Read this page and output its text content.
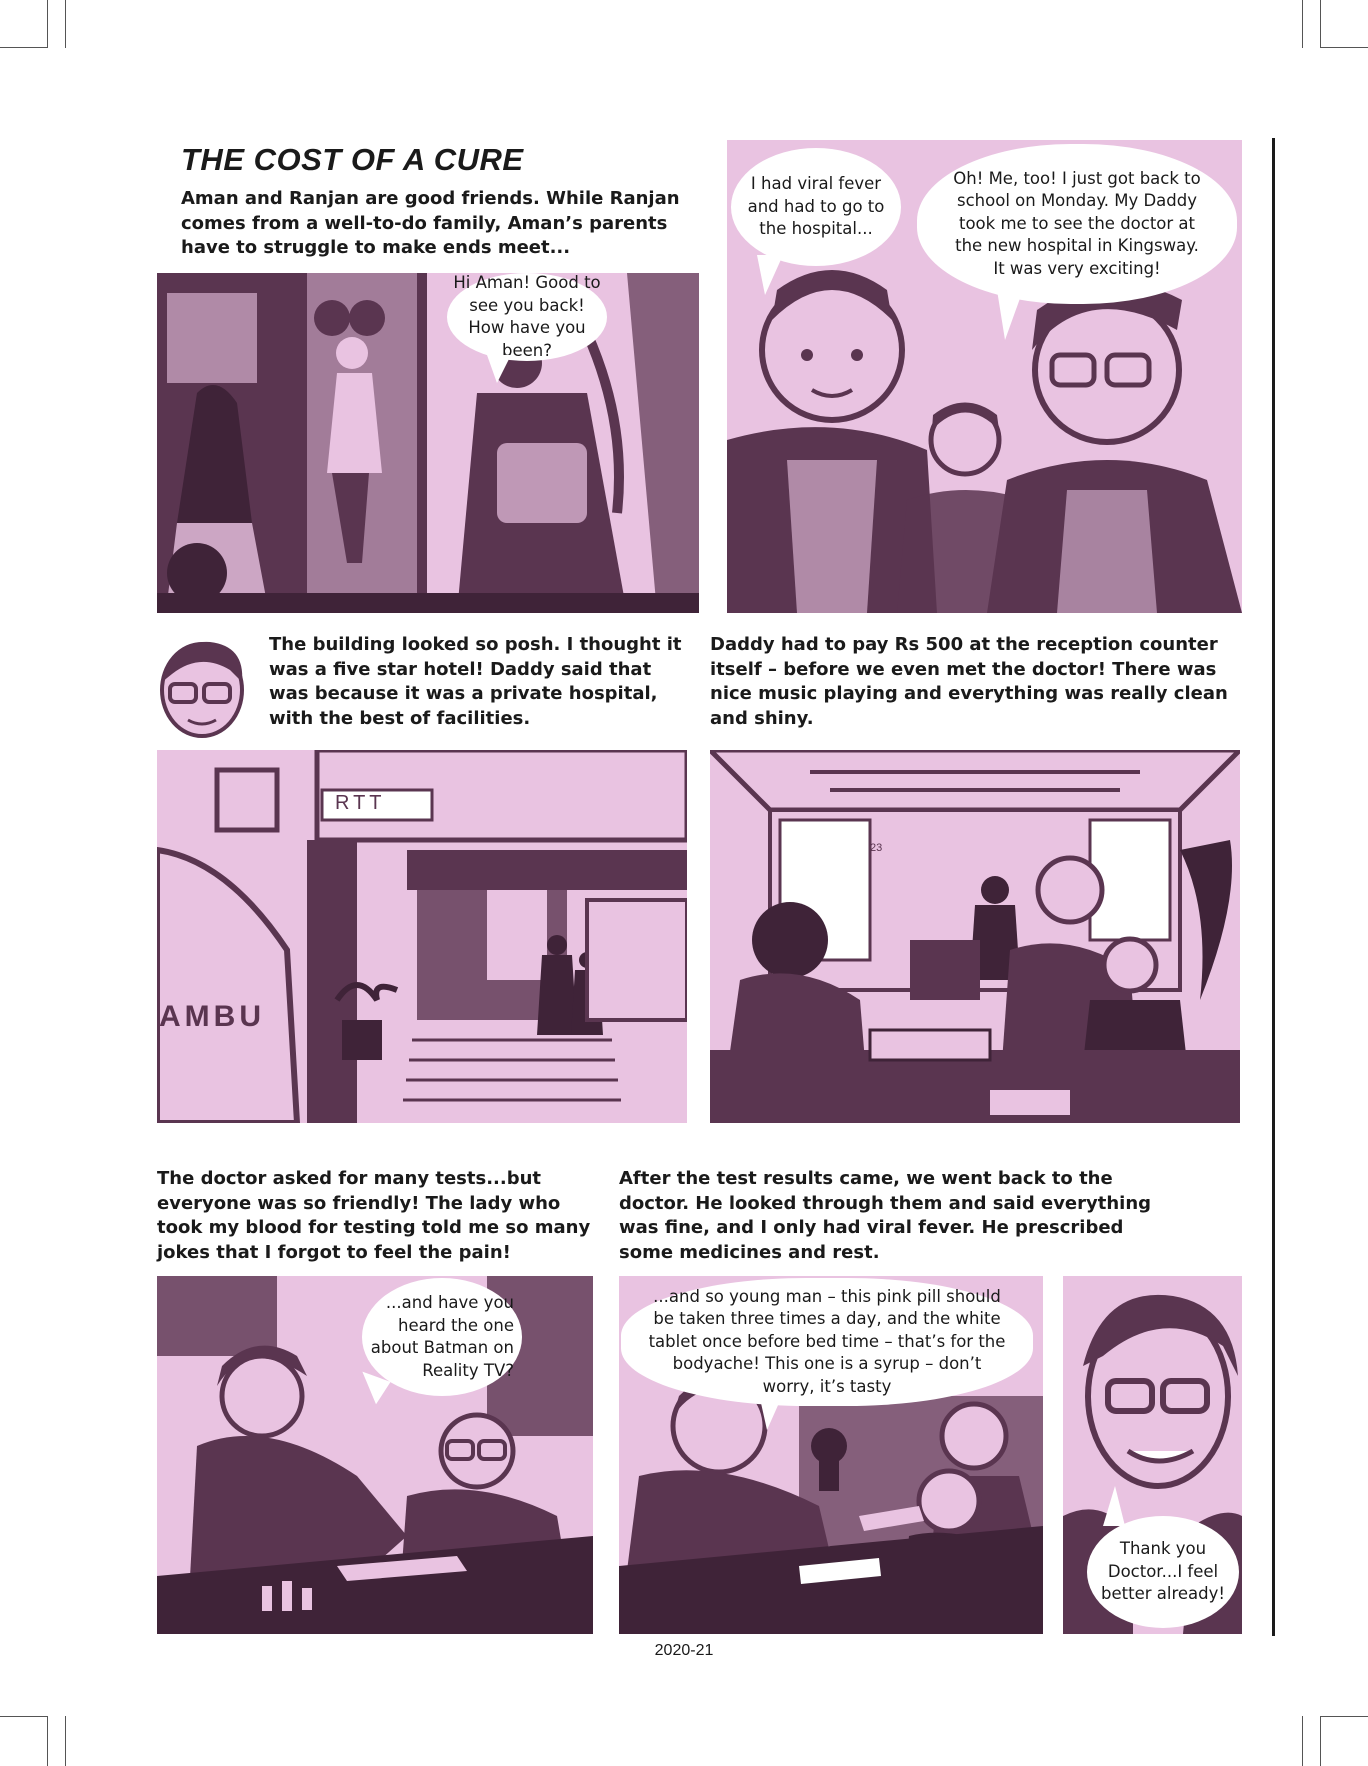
THE COST OF A CURE
Aman and Ranjan are good friends. While Ranjan comes from a well-to-do family, Aman’s parents have to struggle to make ends meet...
Hi Aman! Good to see you back! How have you been?
I had viral fever and had to go to the hospital...
Oh! Me, too! I just got back to school on Monday. My Daddy took me to see the doctor at the new hospital in Kingsway. It was very exciting!
The building looked so posh. I thought it was a five star hotel! Daddy said that was because it was a private hospital, with the best of facilities.
Daddy had to pay Rs 500 at the reception counter itself – before we even met the doctor! There was nice music playing and everything was really clean and shiny.
RTT
AMBU
23
The doctor asked for many tests...but everyone was so friendly! The lady who took my blood for testing told me so many jokes that I forgot to feel the pain!
After the test results came, we went back to the doctor. He looked through them and said everything was fine, and I only had viral fever. He prescribed some medicines and rest.
...and have you heard the one about Batman on Reality TV?
...and so young man – this pink pill should be taken three times a day, and the white tablet once before bed time – that’s for the bodyache! This one is a syrup – don’t worry, it’s tasty
Thank you Doctor...I feel better already!
2020-21
